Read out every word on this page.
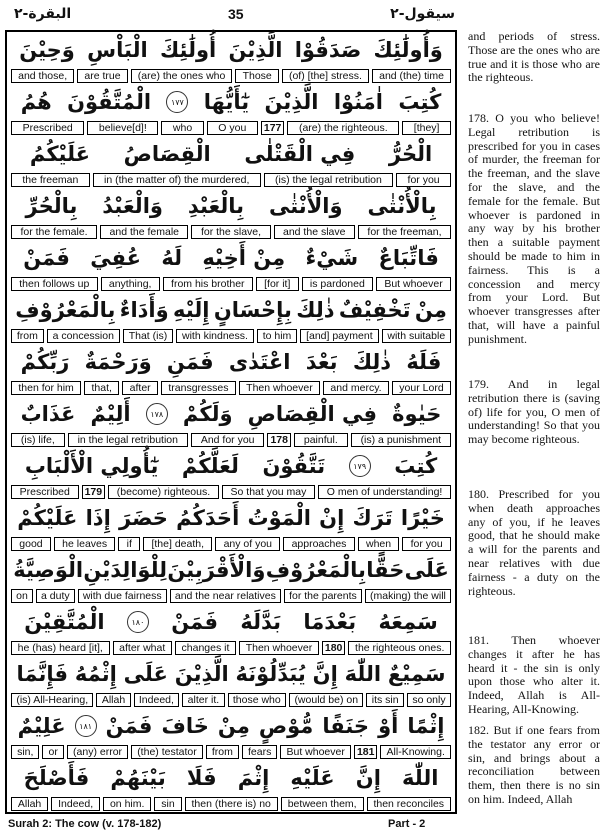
البقرة-٢	35	سيقول-٢
وَحِيْنَ الْبَاْسِ أُولَٰئِكَ الَّذِيْنَ صَدَقُوْا وَأُولَٰئِكَ
and those,	are true	(are) the ones who	Those	(of) [the] stress.	and (the) time
هُمُ الْمُتَّقُوْنَ	١٧٧ يٰٓأَيُّهَا الَّذِيْنَ اٰمَنُوْا كُتِبَ
Prescribed	believe[d]!	who	O you	177	(are) the righteous.	[they]
عَلَيْكُمُ الْقِصَاصُ فِي الْقَتْلٰى الْحُرُّ
the freeman	in (the matter of) the murdered,	(is) the legal retribution	for you
بِالْحُرِّ وَالْعَبْدُ بِالْعَبْدِ وَالْأُنْثٰى بِالْأُنْثٰى
for the female.	and the female	for the slave,	and the slave	for the freeman,
فَمَنْ عُفِيَ لَهُ مِنْ أَخِيْهِ شَيْءٌ فَاتِّبَاعٌ
then follows up	anything,	from his brother	[for it]	is pardoned	But whoever
بِالْمَعْرُوْفِ وَأَدَاءٌ إِلَيْهِ بِإِحْسَانٍ ذٰلِكَ تَخْفِيْفٌ مِنْ
from	a concession	That (is)	with kindness.	to him	[and] payment	with suitable
رَبِّكُمْ وَرَحْمَةٌ فَمَنِ اعْتَدٰى بَعْدَ ذٰلِكَ فَلَهُ
then for him	that,	after	transgresses	Then whoever	and mercy.	your Lord
عَذَابٌ أَلِيْمٌ	١٧٨ وَلَكُمْ فِي الْقِصَاصِ حَيٰوةٌ
(is) life,	in the legal retribution	And for you	178	painful.	(is) a punishment
يٰٓأُولِي الْأَلْبَابِ لَعَلَّكُمْ تَتَّقُوْنَ	١٧٩ كُتِبَ
Prescribed	179	(become) righteous.	So that you may	O men of understanding!
عَلَيْكُمْ إِذَا حَضَرَ أَحَدَكُمُ الْمَوْتُ إِنْ تَرَكَ خَيْرًا
good	he leaves	if	[the] death,	any of you	approaches	when	for you
الْوَصِيَّةُ لِلْوَالِدَيْنِ وَالْأَقْرَبِيْنَ بِالْمَعْرُوْفِ حَقًّا عَلَى
on	a duty	with due fairness	and the near relatives	for the parents	(making) the will
الْمُتَّقِيْنَ	١٨٠ فَمَنْ بَدَّلَهُ بَعْدَمَا سَمِعَهُ
he (has) heard [it],	after what	changes it	Then whoever	180	the righteous ones.
فَإِنَّمَا إِثْمُهُ عَلَى الَّذِيْنَ يُبَدِّلُوْنَهُ إِنَّ اللّٰهَ سَمِيْعٌ
(is) All-Hearing,	Allah	Indeed,	alter it.	those who	(would be) on	its sin	so only
عَلِيْمٌ	١٨١ فَمَنْ خَافَ مِنْ مُّوْصٍ جَنَفًا أَوْ إِثْمًا
sin,	or	(any) error	(the) testator	from	fears	But whoever	181	All-Knowing.
فَأَصْلَحَ بَيْنَهُمْ فَلَا إِثْمَ عَلَيْهِ إِنَّ اللّٰهَ
Allah	Indeed,	on him.	sin	then (there is) no	between them,	then reconciles
and periods of stress. Those are the ones who are true and it is those who are the righteous.
178. O you who believe! Legal retribution is prescribed for you in cases of murder, the freeman for the freeman, and the slave for the slave, and the female for the female. But whoever is pardoned in any way by his brother then a suitable payment should be made to him in fairness. This is a concession and mercy from your Lord. But whoever transgresses after that, will have a painful punishment.
179. And in legal retribution there is (saving of) life for you, O men of understanding! So that you may become righteous.
180. Prescribed for you when death approaches any of you, if he leaves good, that he should make a will for the parents and near relatives with due fairness - a duty on the righteous.
181. Then whoever changes it after he has heard it - the sin is only upon those who alter it. Indeed, Allah is All-Hearing, All-Knowing.
182. But if one fears from the testator any error or sin, and brings about a reconciliation between them, then there is no sin on him. Indeed, Allah
Surah 2: The cow (v. 178-182)	Part - 2
